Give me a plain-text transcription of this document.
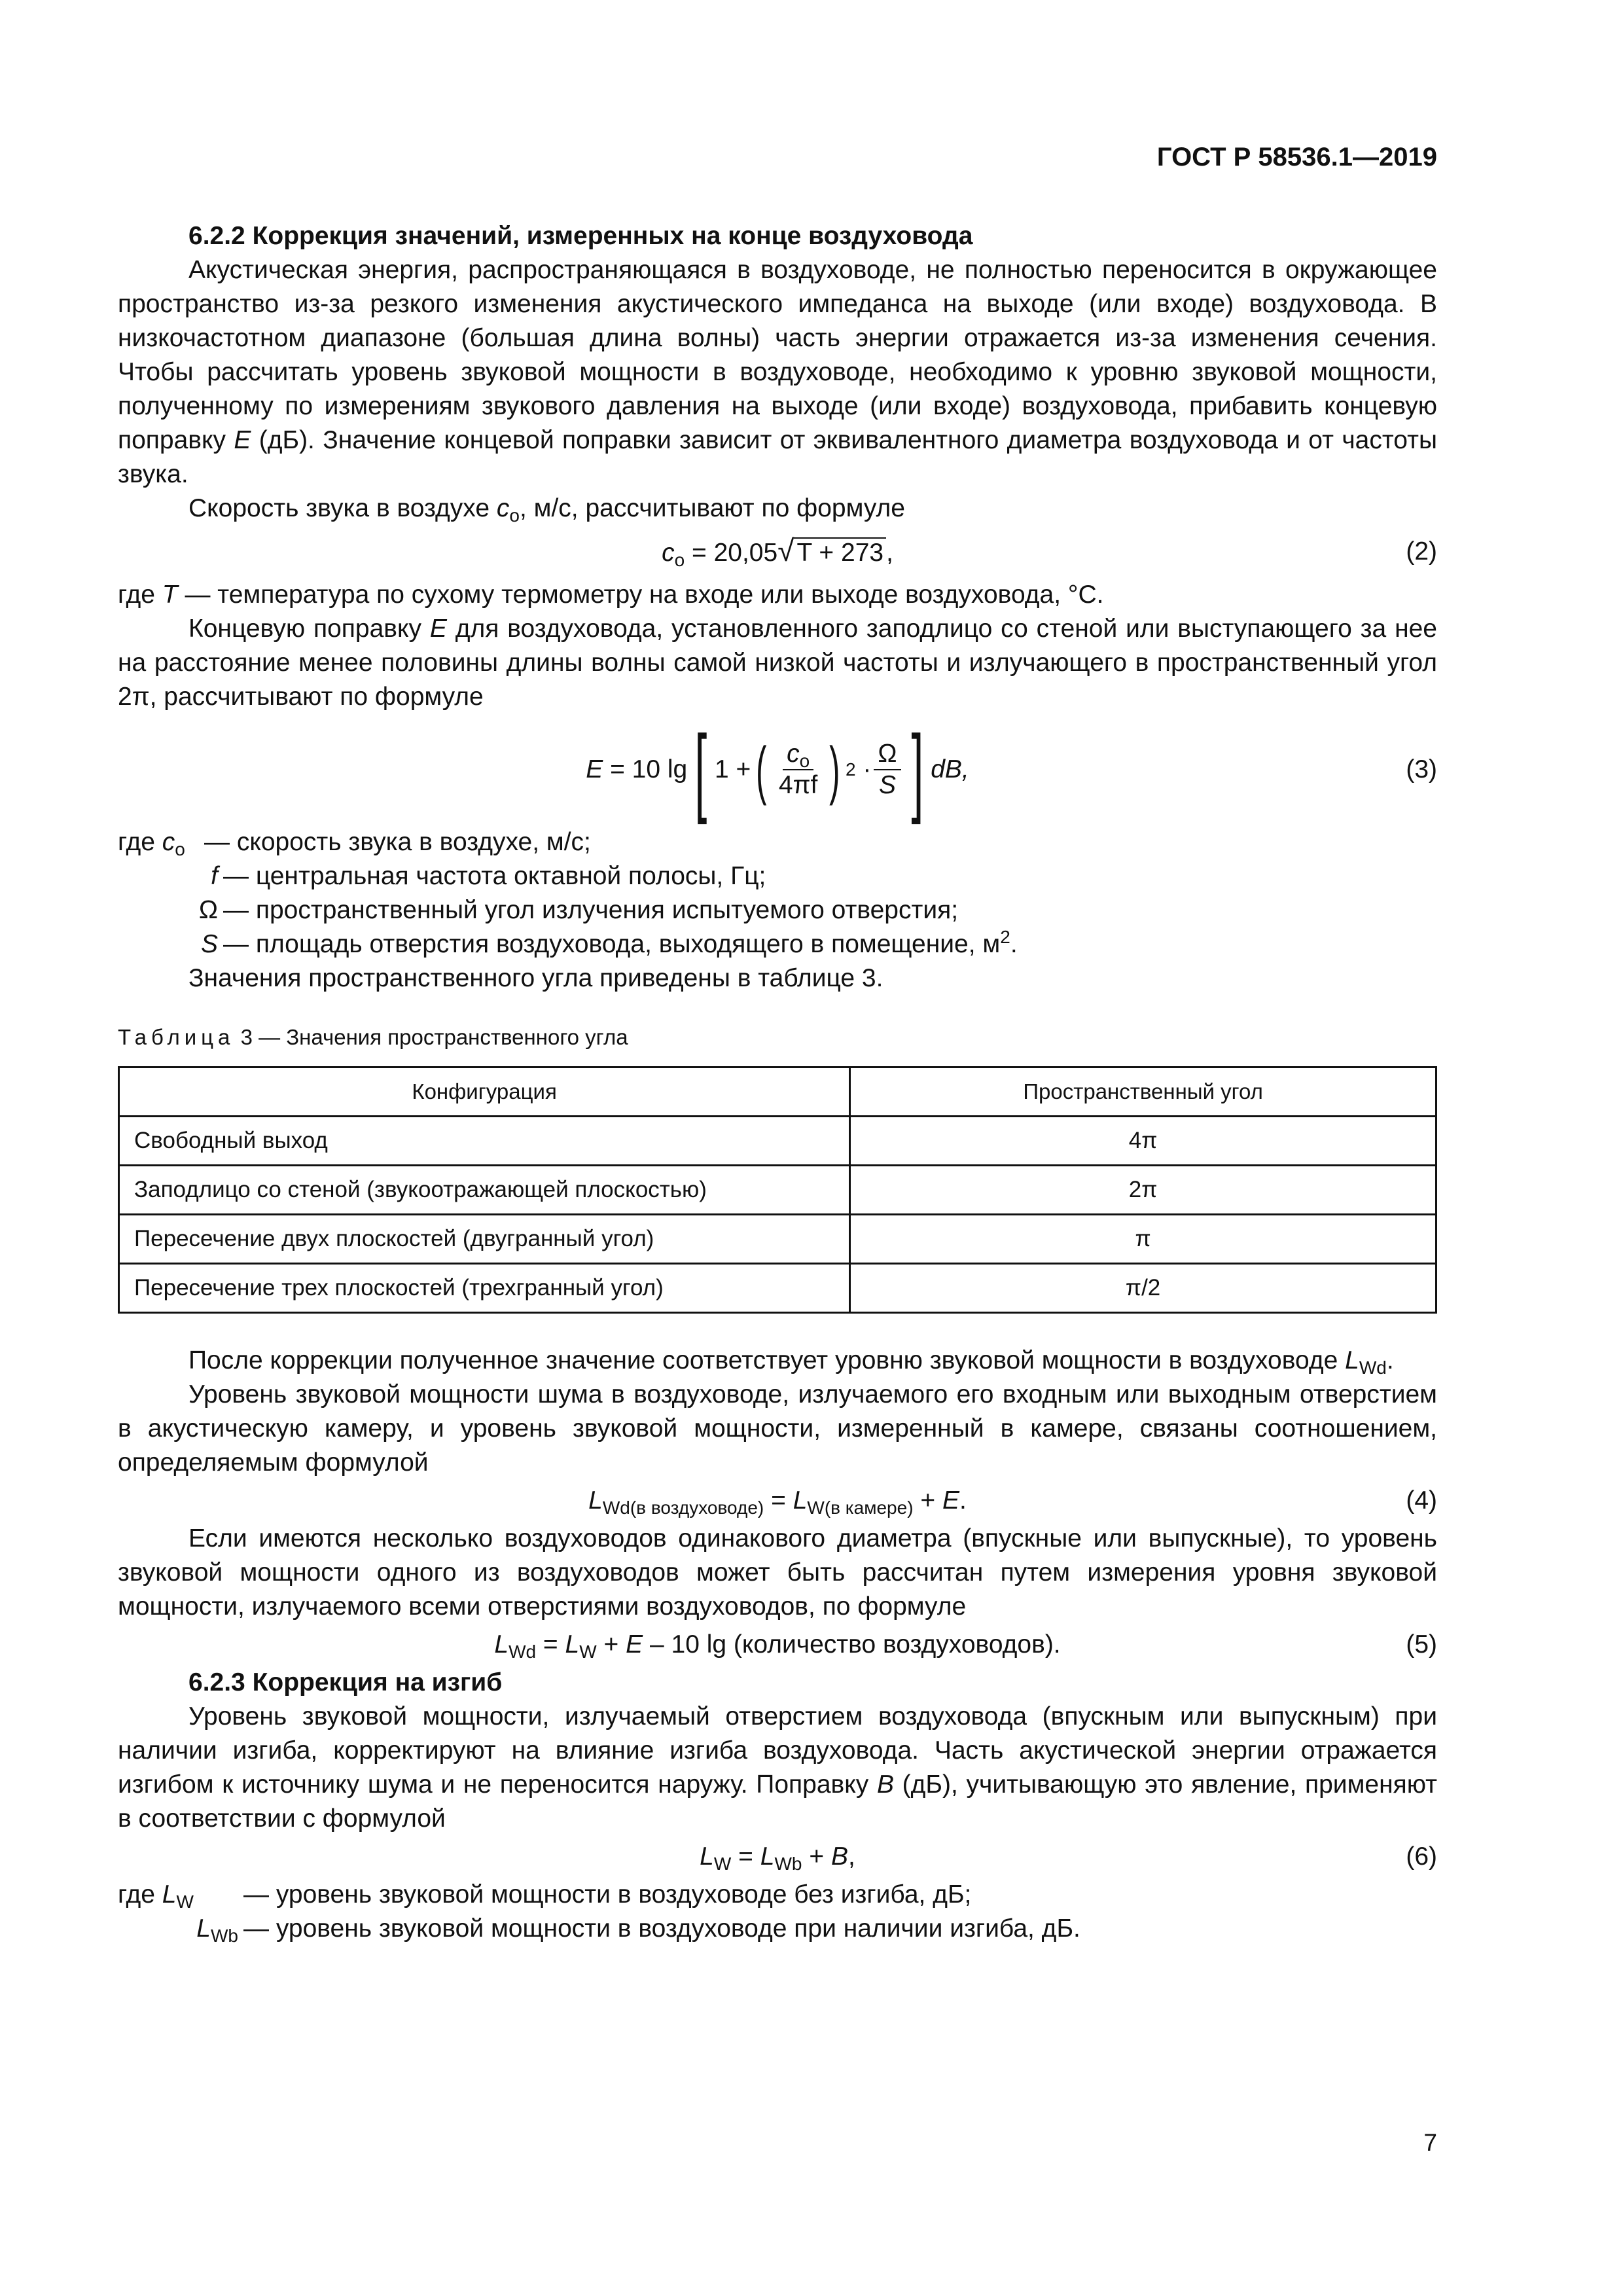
ГОСТ Р 58536.1—2019

6.2.2 Коррекция значений, измеренных на конце воздуховода

Акустическая энергия, распространяющаяся в воздуховоде, не полностью переносится в окружающее пространство из-за резкого изменения акустического импеданса на выходе (или входе) воздуховода. В низкочастотном диапазоне (большая длина волны) часть энергии отражается из-за изменения сечения. Чтобы рассчитать уровень звуковой мощности в воздуховоде, необходимо к уровню звуковой мощности, полученному по измерениям звукового давления на выходе (или входе) воздуховода, прибавить концевую поправку E (дБ). Значение концевой поправки зависит от эквивалентного диаметра воздуховода и от частоты звука.

Скорость звука в воздухе $c_о$, м/с, рассчитывают по формуле

$c_о = 20,05√$ T + 273 ,	(2)

где T — температура по сухому термометру на входе или выходе воздуховода, °C.

Концевую поправку E для воздуховода, установленного заподлицо со стеной или выступающего за нее на расстояние менее половины длины волны самой низкой частоты и излучающего в пространственный угол 2π, рассчитывают по формуле

E
= 10 lg [ 1 + ( $\frac{c_о}{4\pi f}$ ) 2
· $\frac{\Omega}{S}$ ] dB,	(3)
где $c_о$ — скорость звука в воздухе, м/с;
f — центральная частота октавной полосы, Гц;
Ω — пространственный угол излучения испытуемого отверстия;
S — площадь отверстия воздуховода, выходящего в помещение, $м^2$.

Значения пространственного угла приведены в таблице 3.

Таблица 3 — Значения пространственного угла
Конфигурация	Пространственный угол
Свободный выход	4π
Заподлицо со стеной (звукоотражающей плоскостью)	2π
Пересечение двух плоскостей (двугранный угол)	π
Пересечение трех плоскостей (трехгранный угол)	π/2

После коррекции полученное значение соответствует уровню звуковой мощности в воздуховоде $L_{Wd}$.

Уровень звуковой мощности шума в воздуховоде, излучаемого его входным или выходным отверстием в акустическую камеру, и уровень звуковой мощности, измеренный в камере, связаны соотношением, определяемым формулой

$L_{Wd(в воздуховоде)} = L_{W(в камере)} + E$.	(4)

Если имеются несколько воздуховодов одинакового диаметра (впускные или выпускные), то уровень звуковой мощности одного из воздуховодов может быть рассчитан путем измерения уровня звуковой мощности, излучаемого всеми отверстиями воздуховодов, по формуле

$L_{Wd} = L_W + E - 10$ lg (количество воздуховодов).	(5)

6.2.3 Коррекция на изгиб

Уровень звуковой мощности, излучаемый отверстием воздуховода (впускным или выпускным) при наличии изгиба, корректируют на влияние изгиба воздуховода. Часть акустической энергии отражается изгибом к источнику шума и не переносится наружу. Поправку B (дБ), учитывающую это явление, применяют в соответствии с формулой

$L_W = L_{Wb} + B$,	(6)
где $L_W$	— уровень звуковой мощности в воздуховоде без изгиба, дБ;
$L_{Wb}$ — уровень звуковой мощности в воздуховоде при наличии изгиба, дБ.
7
